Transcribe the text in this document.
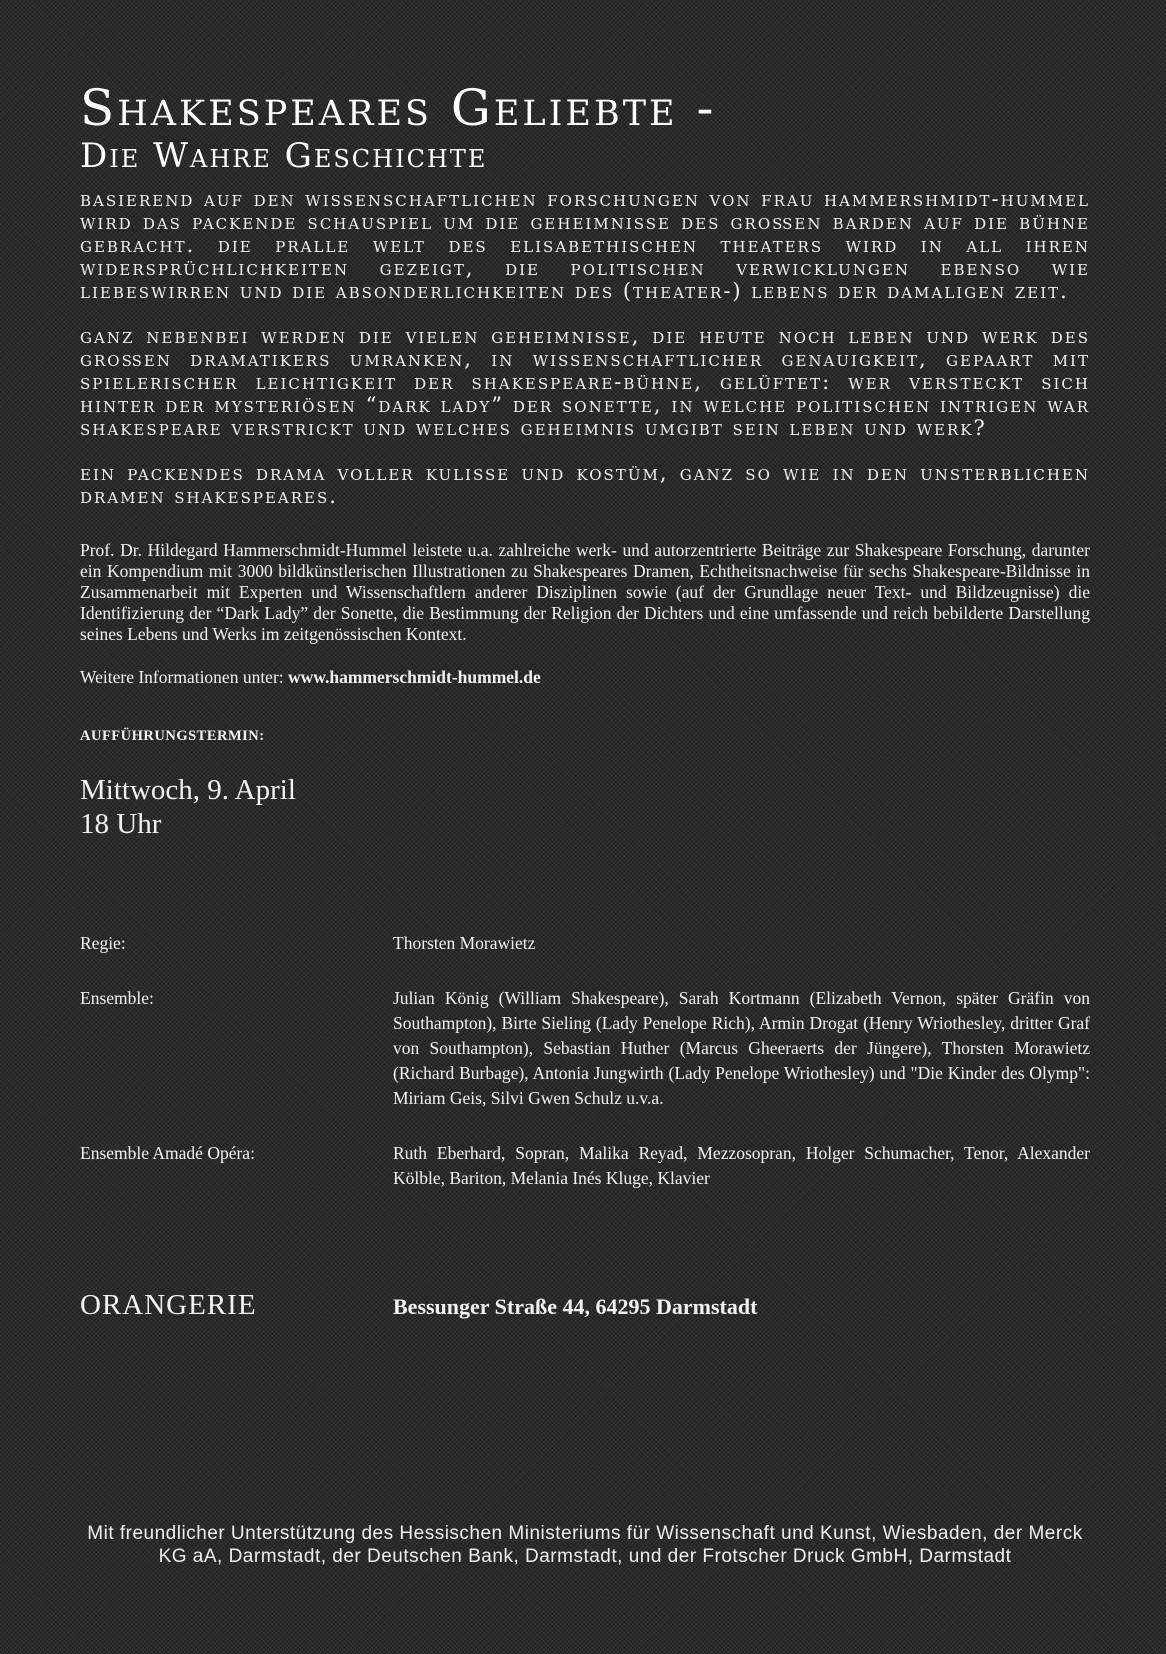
Shakespeares Geliebte -
Die Wahre Geschichte

basierend auf den wissenschaftlichen forschungen von frau hammershmidt-hummel wird das packende schauspiel um die geheimnisse des großen barden auf die bühne gebracht. die pralle welt des elisabethischen theaters wird in all ihren widersprüchlichkeiten gezeigt, die politischen verwicklungen ebenso wie liebeswirren und die absonderlichkeiten des (theater-) lebens der damaligen zeit.

ganz nebenbei werden die vielen geheimnisse, die heute noch leben und werk des großen dramatikers umranken, in wissenschaftlicher genauigkeit, gepaart mit spielerischer leichtigkeit der shakespeare-bühne, gelüftet: wer versteckt sich hinter der mysteriösen “dark lady” der sonette, in welche politischen intrigen war shakespeare verstrickt und welches geheimnis umgibt sein leben und werk?

ein packendes drama voller kulisse und kostüm, ganz so wie in den unsterblichen dramen shakespeares.

Prof. Dr. Hildegard Hammerschmidt-Hummel leistete u.a. zahlreiche werk- und autorzentrierte Beiträge zur Shakespeare Forschung, darunter ein Kompendium mit 3000 bildkünstlerischen Illustrationen zu Shakespeares Dramen, Echtheitsnachweise für sechs Shakespeare-Bildnisse in Zusammenarbeit mit Experten und Wissenschaftlern anderer Disziplinen sowie (auf der Grundlage neuer Text- und Bildzeugnisse) die Identifizierung der “Dark Lady” der Sonette, die Bestimmung der Religion der Dichters und eine umfassende und reich bebilderte Darstellung seines Lebens und Werks im zeitgenössischen Kontext.

Weitere Informationen unter: www.hammerschmidt-hummel.de

AUFFÜHRUNGSTERMIN:

Mittwoch, 9. April

18 Uhr

Regie:	Thorsten Morawietz
Ensemble:	Julian König (William Shakespeare), Sarah Kortmann (Elizabeth Vernon, später Gräfin von Southampton), Birte Sieling (Lady Penelope Rich), Armin Drogat (Henry Wriothesley, dritter Graf von Southampton), Sebastian Huther (Marcus Gheeraerts der Jüngere), Thorsten Morawietz (Richard Burbage), Antonia Jungwirth (Lady Penelope Wriothesley) und "Die Kinder des Olymp": Miriam Geis, Silvi Gwen Schulz u.v.a.
Ensemble Amadé Opéra:	Ruth Eberhard, Sopran, Malika Reyad, Mezzosopran, Holger Schumacher, Tenor, Alexander Kölble, Bariton, Melania Inés Kluge, Klavier
ORANGERIE	Bessunger Straße 44, 64295 Darmstadt
Mit freundlicher Unterstützung des Hessischen Ministeriums für Wissenschaft und Kunst, Wiesbaden, der Merck KG aA, Darmstadt, der Deutschen Bank, Darmstadt, und der Frotscher Druck GmbH, Darmstadt
